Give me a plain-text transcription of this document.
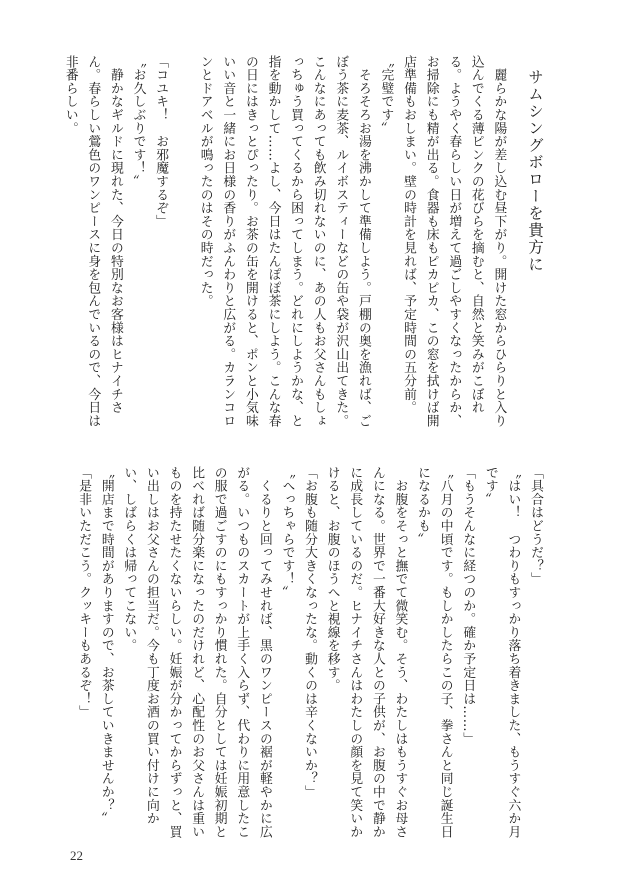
サムシングボローを貴方に
　麗らかな陽が差し込む昼下がり。開けた窓からひらりと入り
込んでくる薄ピンクの花びらを摘むと、自然と笑みがこぼれ
る。ようやく春らしい日が増えて過ごしやすくなったからか、
お掃除にも精が出る。食器も床もピカピカ、この窓を拭けば開
店準備もおしまい。壁の時計を見れば、予定時間の五分前。
〝完璧です〟
　そろそろお湯を沸かして準備しよう。戸棚の奥を漁れば、ご
ぼう茶に麦茶、ルイボスティーなどの缶や袋が沢山出てきた。
こんなにあっても飲み切れないのに、あの人もお父さんもしょ
っちゅう買ってくるから困ってしまう。どれにしようかな、と
指を動かして……よし、今日はたんぽぽ茶にしよう。こんな春
の日にはきっとぴったり。お茶の缶を開けると、ポンと小気味
いい音と一緒にお日様の香りがふんわりと広がる。カランコロ
ンとドアベルが鳴ったのはその時だった。
「コユキ！　お邪魔するぞ」
〝お久しぶりです！〟
　静かなギルドに現れた、今日の特別なお客様はヒナイチさ
ん。春らしい鶯色のワンピースに身を包んでいるので、今日は
非番らしい。
「具合はどうだ？」
〝はい！　つわりもすっかり落ち着きました、もうすぐ六か月
です〟
「もうそんなに経つのか。確か予定日は……」
〝八月の中頃です。もしかしたらこの子、拳さんと同じ誕生日
になるかも〟
　お腹をそっと撫でて微笑む。そう、わたしはもうすぐお母さ
んになる。世界で一番大好きな人との子供が、お腹の中で静か
に成長しているのだ。ヒナイチさんはわたしの顔を見て笑いか
けると、お腹のほうへと視線を移す。
「お腹も随分大きくなったな。動くのは辛くないか？」
〝へっちゃらです！〟
　くるりと回ってみせれば、黒のワンピースの裾が軽やかに広
がる。いつものスカートが上手く入らず、代わりに用意したこ
の服で過ごすのにもすっかり慣れた。自分としては妊娠初期と
比べれば随分楽になったのだけれど、心配性のお父さんは重い
ものを持たせたくないらしい。妊娠が分かってからずっと、買
い出しはお父さんの担当だ。今も丁度お酒の買い付けに向か
い、しばらくは帰ってこない。
〝開店まで時間がありますので、お茶していきませんか？〟
「是非いただこう。クッキーもあるぞ！」
22
